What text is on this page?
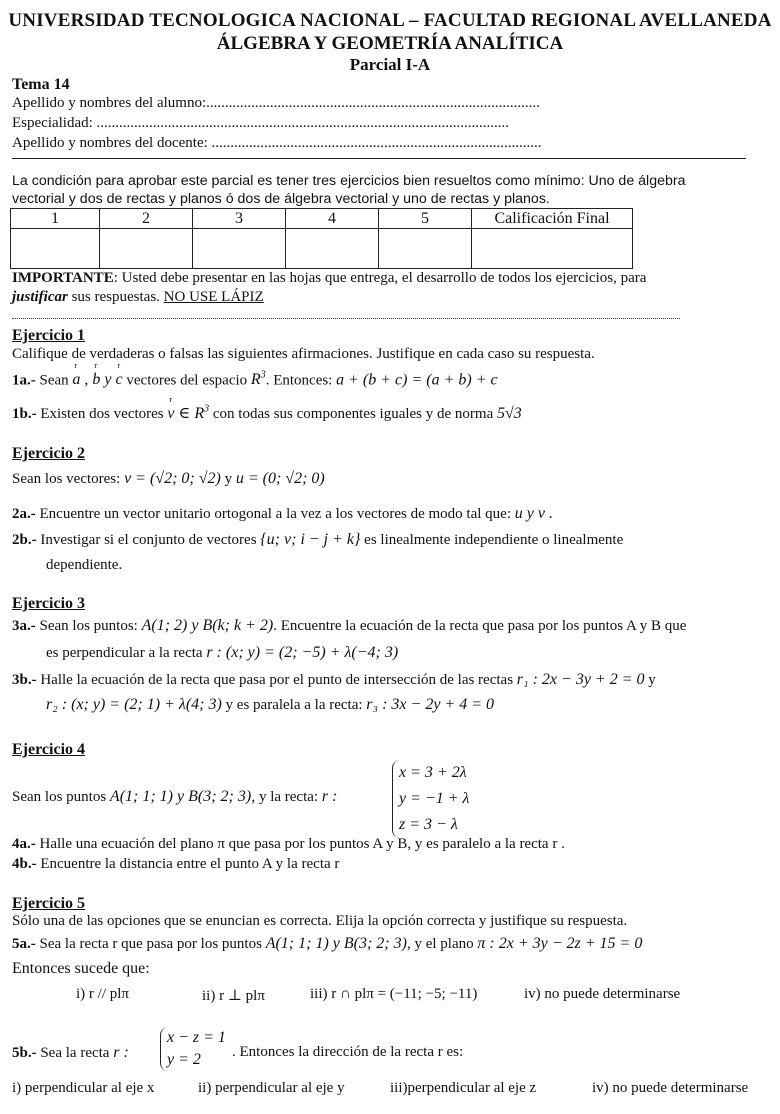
UNIVERSIDAD TECNOLOGICA NACIONAL – FACULTAD REGIONAL AVELLANEDA
ÁLGEBRA Y GEOMETRÍA ANALÍTICA
Parcial I-A
Tema 14
Apellido y nombres del alumno:.........................................................................................
Especialidad: ..............................................................................................................
Apellido y nombres del docente: ........................................................................................
La condición para aprobar este parcial es tener tres ejercicios bien resueltos como mínimo: Uno de álgebra
vectorial y dos de rectas y planos ó dos de álgebra vectorial y uno de rectas y planos.
1	2	3	4	5	Calificación Final

IMPORTANTE: Usted debe presentar en las hojas que entrega, el desarrollo de todos los ejercicios, para
justificar sus respuestas. NO USE LÁPIZ
Ejercicio 1
Califique de verdaderas o falsas las siguientes afirmaciones. Justifique en cada caso su respuesta.
1a.- Sean r a , r b y r c vectores del espacio $R^3$. Entonces: a + (b + c) = (a + b) + c
1b.- Existen dos vectores r v ∈ $R^3$ con todas sus componentes iguales y de norma 5√3
Ejercicio 2
Sean los vectores: v = (√2; 0; √2) y u = (0; √2; 0)
2a.- Encuentre un vector unitario ortogonal a la vez a los vectores de modo tal que: u y v .
2b.- Investigar si el conjunto de vectores {u; v; i − j + k} es linealmente independiente o linealmente
dependiente.
Ejercicio 3
3a.- Sean los puntos: A(1; 2) y B(k; k + 2). Encuentre la ecuación de la recta que pasa por los puntos A y B que
es perpendicular a la recta r : (x; y) = (2; −5) + λ(−4; 3)
3b.- Halle la ecuación de la recta que pasa por el punto de intersección de las rectas r₁ : 2x − 3y + 2 = 0 y
r₂ : (x; y) = (2; 1) + λ(4; 3) y es paralela a la recta: r₃ : 3x − 2y + 4 = 0
Ejercicio 4
Sean los puntos A(1; 1; 1) y B(3; 2; 3), y la recta: r :
x = 3 + 2λ
y = −1 + λ
z = 3 − λ
4a.- Halle una ecuación del plano π que pasa por los puntos A y B, y es paralelo a la recta r .
4b.- Encuentre la distancia entre el punto A y la recta r
Ejercicio 5
Sólo una de las opciones que se enuncian es correcta. Elija la opción correcta y justifique su respuesta.
5a.- Sea la recta r que pasa por los puntos A(1; 1; 1) y B(3; 2; 3), y el plano π : 2x + 3y − 2z + 15 = 0
Entonces sucede que:
i) r // plπ	ii) r ⊥ plπ	iii) r ∩ plπ = (−11; −5; −11)	iv) no puede determinarse
5b.- Sea la recta r :
x − z = 1
y = 2	. Entonces la dirección de la recta r es:
i) perpendicular al eje x	ii) perpendicular al eje y	iii)perpendicular al eje z	iv) no puede determinarse
